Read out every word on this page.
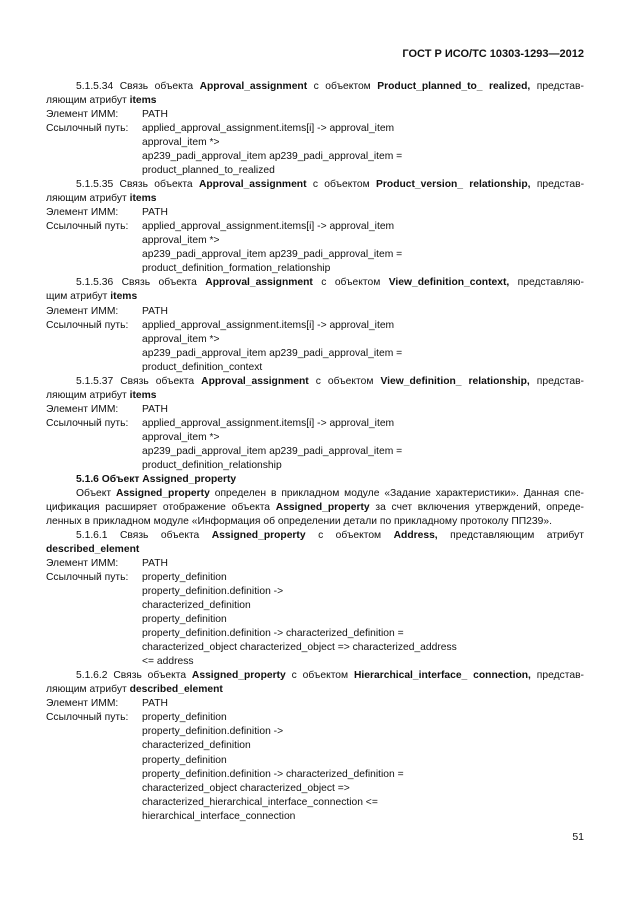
ГОСТ Р ИСО/ТС 10303-1293—2012
5.1.5.34 Связь объекта Approval_assignment с объектом Product_planned_to_ realized, представ-
ляющим атрибут items
Элемент ИММ: PATH
Ссылочный путь: applied_approval_assignment.items[i] -> approval_item
approval_item *>
ap239_padi_approval_item ap239_padi_approval_item =
product_planned_to_realized
5.1.5.35 Связь объекта Approval_assignment с объектом Product_version_ relationship, представ-
ляющим атрибут items
Элемент ИММ: PATH
Ссылочный путь: applied_approval_assignment.items[i] -> approval_item
approval_item *>
ap239_padi_approval_item ap239_padi_approval_item =
product_definition_formation_relationship
5.1.5.36 Связь объекта Approval_assignment с объектом View_definition_context, представляю-
щим атрибут items
Элемент ИММ: PATH
Ссылочный путь: applied_approval_assignment.items[i] -> approval_item
approval_item *>
ap239_padi_approval_item ap239_padi_approval_item =
product_definition_context
5.1.5.37 Связь объекта Approval_assignment с объектом View_definition_ relationship, представ-
ляющим атрибут items
Элемент ИММ: PATH
Ссылочный путь: applied_approval_assignment.items[i] -> approval_item
approval_item *>
ap239_padi_approval_item ap239_padi_approval_item =
product_definition_relationship
5.1.6 Объект Assigned_property
Объект Assigned_property определен в прикладном модуле «Задание характеристики». Данная спе-
цификация расширяет отображение объекта Assigned_property за счет включения утверждений, опреде-
ленных в прикладном модуле «Информация об определении детали по прикладному протоколу ПП239».
5.1.6.1 Связь объекта Assigned_property с объектом Address, представляющим атрибут
described_element
Элемент ИММ: PATH
Ссылочный путь: property_definition
property_definition.definition ->
characterized_definition
property_definition
property_definition.definition -> characterized_definition =
characterized_object characterized_object => characterized_address
<= address
5.1.6.2 Связь объекта Assigned_property с объектом Hierarchical_interface_ connection, представ-
ляющим атрибут described_element
Элемент ИММ: PATH
Ссылочный путь: property_definition
property_definition.definition ->
characterized_definition
property_definition
property_definition.definition -> characterized_definition =
characterized_object characterized_object =>
characterized_hierarchical_interface_connection <=
hierarchical_interface_connection
51
